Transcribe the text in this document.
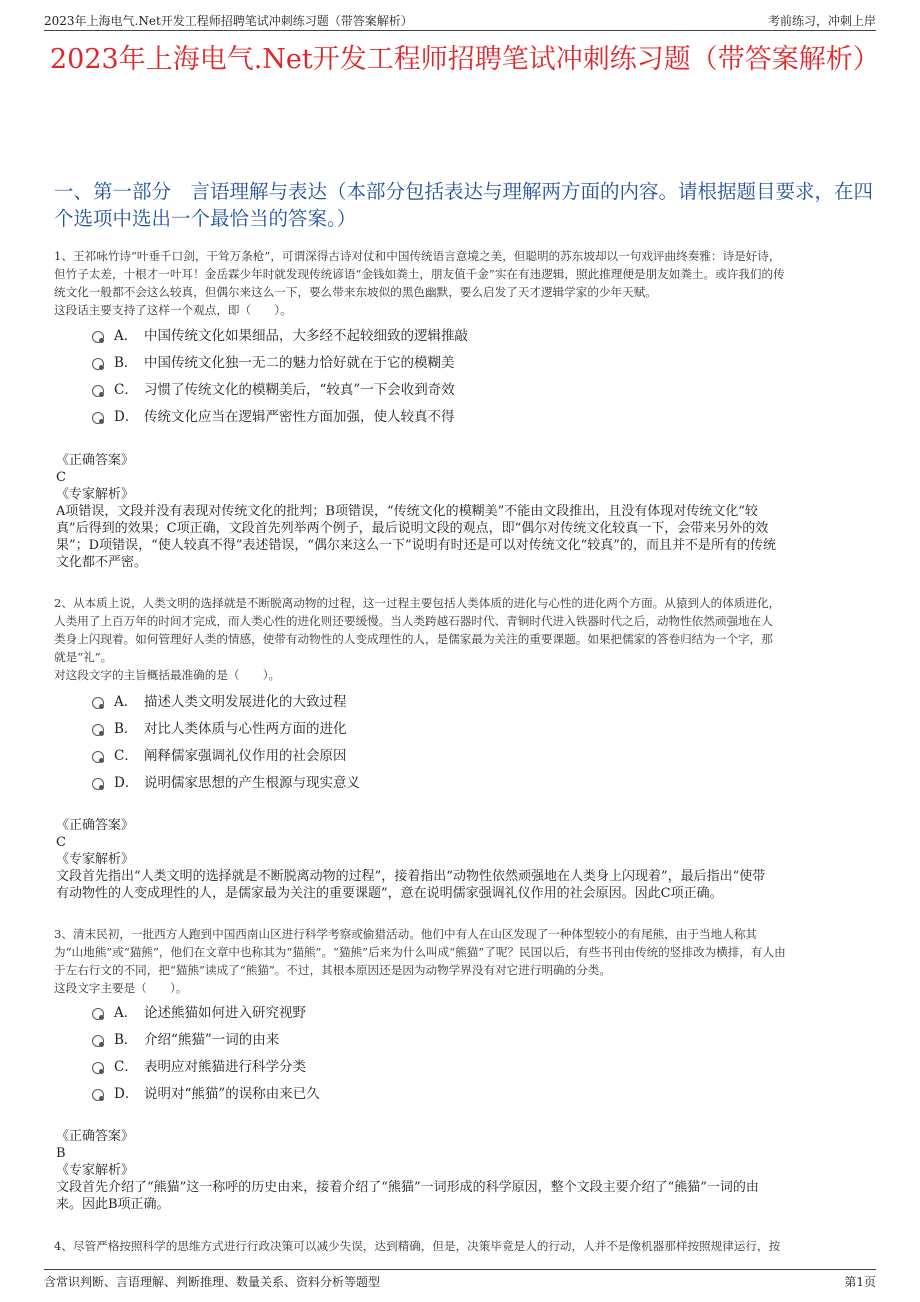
2023年上海电气.Net开发工程师招聘笔试冲刺练习题（带答案解析）	考前练习，冲刺上岸
2023年上海电气.Net开发工程师招聘笔试冲刺练习题（带答案解析）
一、第一部分　言语理解与表达（本部分包括表达与理解两方面的内容。请根据题目要求，在四个选项中选出一个最恰当的答案。）

1、王祁咏竹诗“叶垂千口剑，干耸万条枪”，可谓深得古诗对仗和中国传统语言意境之美，但聪明的苏东坡却以一句戏评曲终奏雅：诗是好诗，

但竹子太差，十根才一叶耳！金岳霖少年时就发现传统谚语“金钱如粪土，朋友值千金”实在有违逻辑，照此推理便是朋友如粪土。或许我们的传

统文化一般都不会这么较真，但偶尔来这么一下，要么带来东坡似的黑色幽默，要么启发了天才逻辑学家的少年天赋。

这段话主要支持了这样一个观点，即（　　）。

A． 中国传统文化如果细品，大多经不起较细致的逻辑推敲
B． 中国传统文化独一无二的魅力恰好就在于它的模糊美
C． 习惯了传统文化的模糊美后，“较真”一下会收到奇效
D． 传统文化应当在逻辑严密性方面加强，使人较真不得

《正确答案》

C

《专家解析》

A项错误，文段并没有表现对传统文化的批判；B项错误，“传统文化的模糊美”不能由文段推出，且没有体现对传统文化“较

真”后得到的效果；C项正确，文段首先列举两个例子，最后说明文段的观点，即“偶尔对传统文化较真一下，会带来另外的效

果”；D项错误，“使人较真不得”表述错误，“偶尔来这么一下”说明有时还是可以对传统文化“较真”的，而且并不是所有的传统

文化都不严密。

2、从本质上说，人类文明的选择就是不断脱离动物的过程，这一过程主要包括人类体质的进化与心性的进化两个方面。从猿到人的体质进化，

人类用了上百万年的时间才完成，而人类心性的进化则还要缓慢。当人类跨越石器时代、青铜时代进入铁器时代之后，动物性依然顽强地在人

类身上闪现着。如何管理好人类的情感，使带有动物性的人变成理性的人，是儒家最为关注的重要课题。如果把儒家的答卷归结为一个字，那

就是“礼”。

对这段文字的主旨概括最准确的是（　　）。

A． 描述人类文明发展进化的大致过程
B． 对比人类体质与心性两方面的进化
C． 阐释儒家强调礼仪作用的社会原因
D． 说明儒家思想的产生根源与现实意义

《正确答案》

C

《专家解析》

文段首先指出“人类文明的选择就是不断脱离动物的过程”，接着指出“动物性依然顽强地在人类身上闪现着”，最后指出“使带

有动物性的人变成理性的人，是儒家最为关注的重要课题”，意在说明儒家强调礼仪作用的社会原因。因此C项正确。

3、清末民初，一批西方人跑到中国西南山区进行科学考察或偷猎活动。他们中有人在山区发现了一种体型较小的有尾熊，由于当地人称其

为“山地熊”或“猫熊”，他们在文章中也称其为“猫熊”。“猫熊”后来为什么叫成“熊猫”了呢？民国以后，有些书刊由传统的竖排改为横排，有人由

于左右行文的不同，把“猫熊”读成了“熊猫”。不过，其根本原因还是因为动物学界没有对它进行明确的分类。

这段文字主要是（　　）。

A． 论述熊猫如何进入研究视野
B． 介绍“熊猫”一词的由来
C． 表明应对熊猫进行科学分类
D． 说明对“熊猫”的误称由来已久

《正确答案》

B

《专家解析》

文段首先介绍了“熊猫”这一称呼的历史由来，接着介绍了“熊猫”一词形成的科学原因，整个文段主要介绍了“熊猫”一词的由

来。因此B项正确。

4、尽管严格按照科学的思维方式进行行政决策可以减少失误，达到精确，但是，决策毕竟是人的行动，人并不是像机器那样按照规律运行，按

含常识判断、言语理解、判断推理、数量关系、资料分析等题型	第1页
